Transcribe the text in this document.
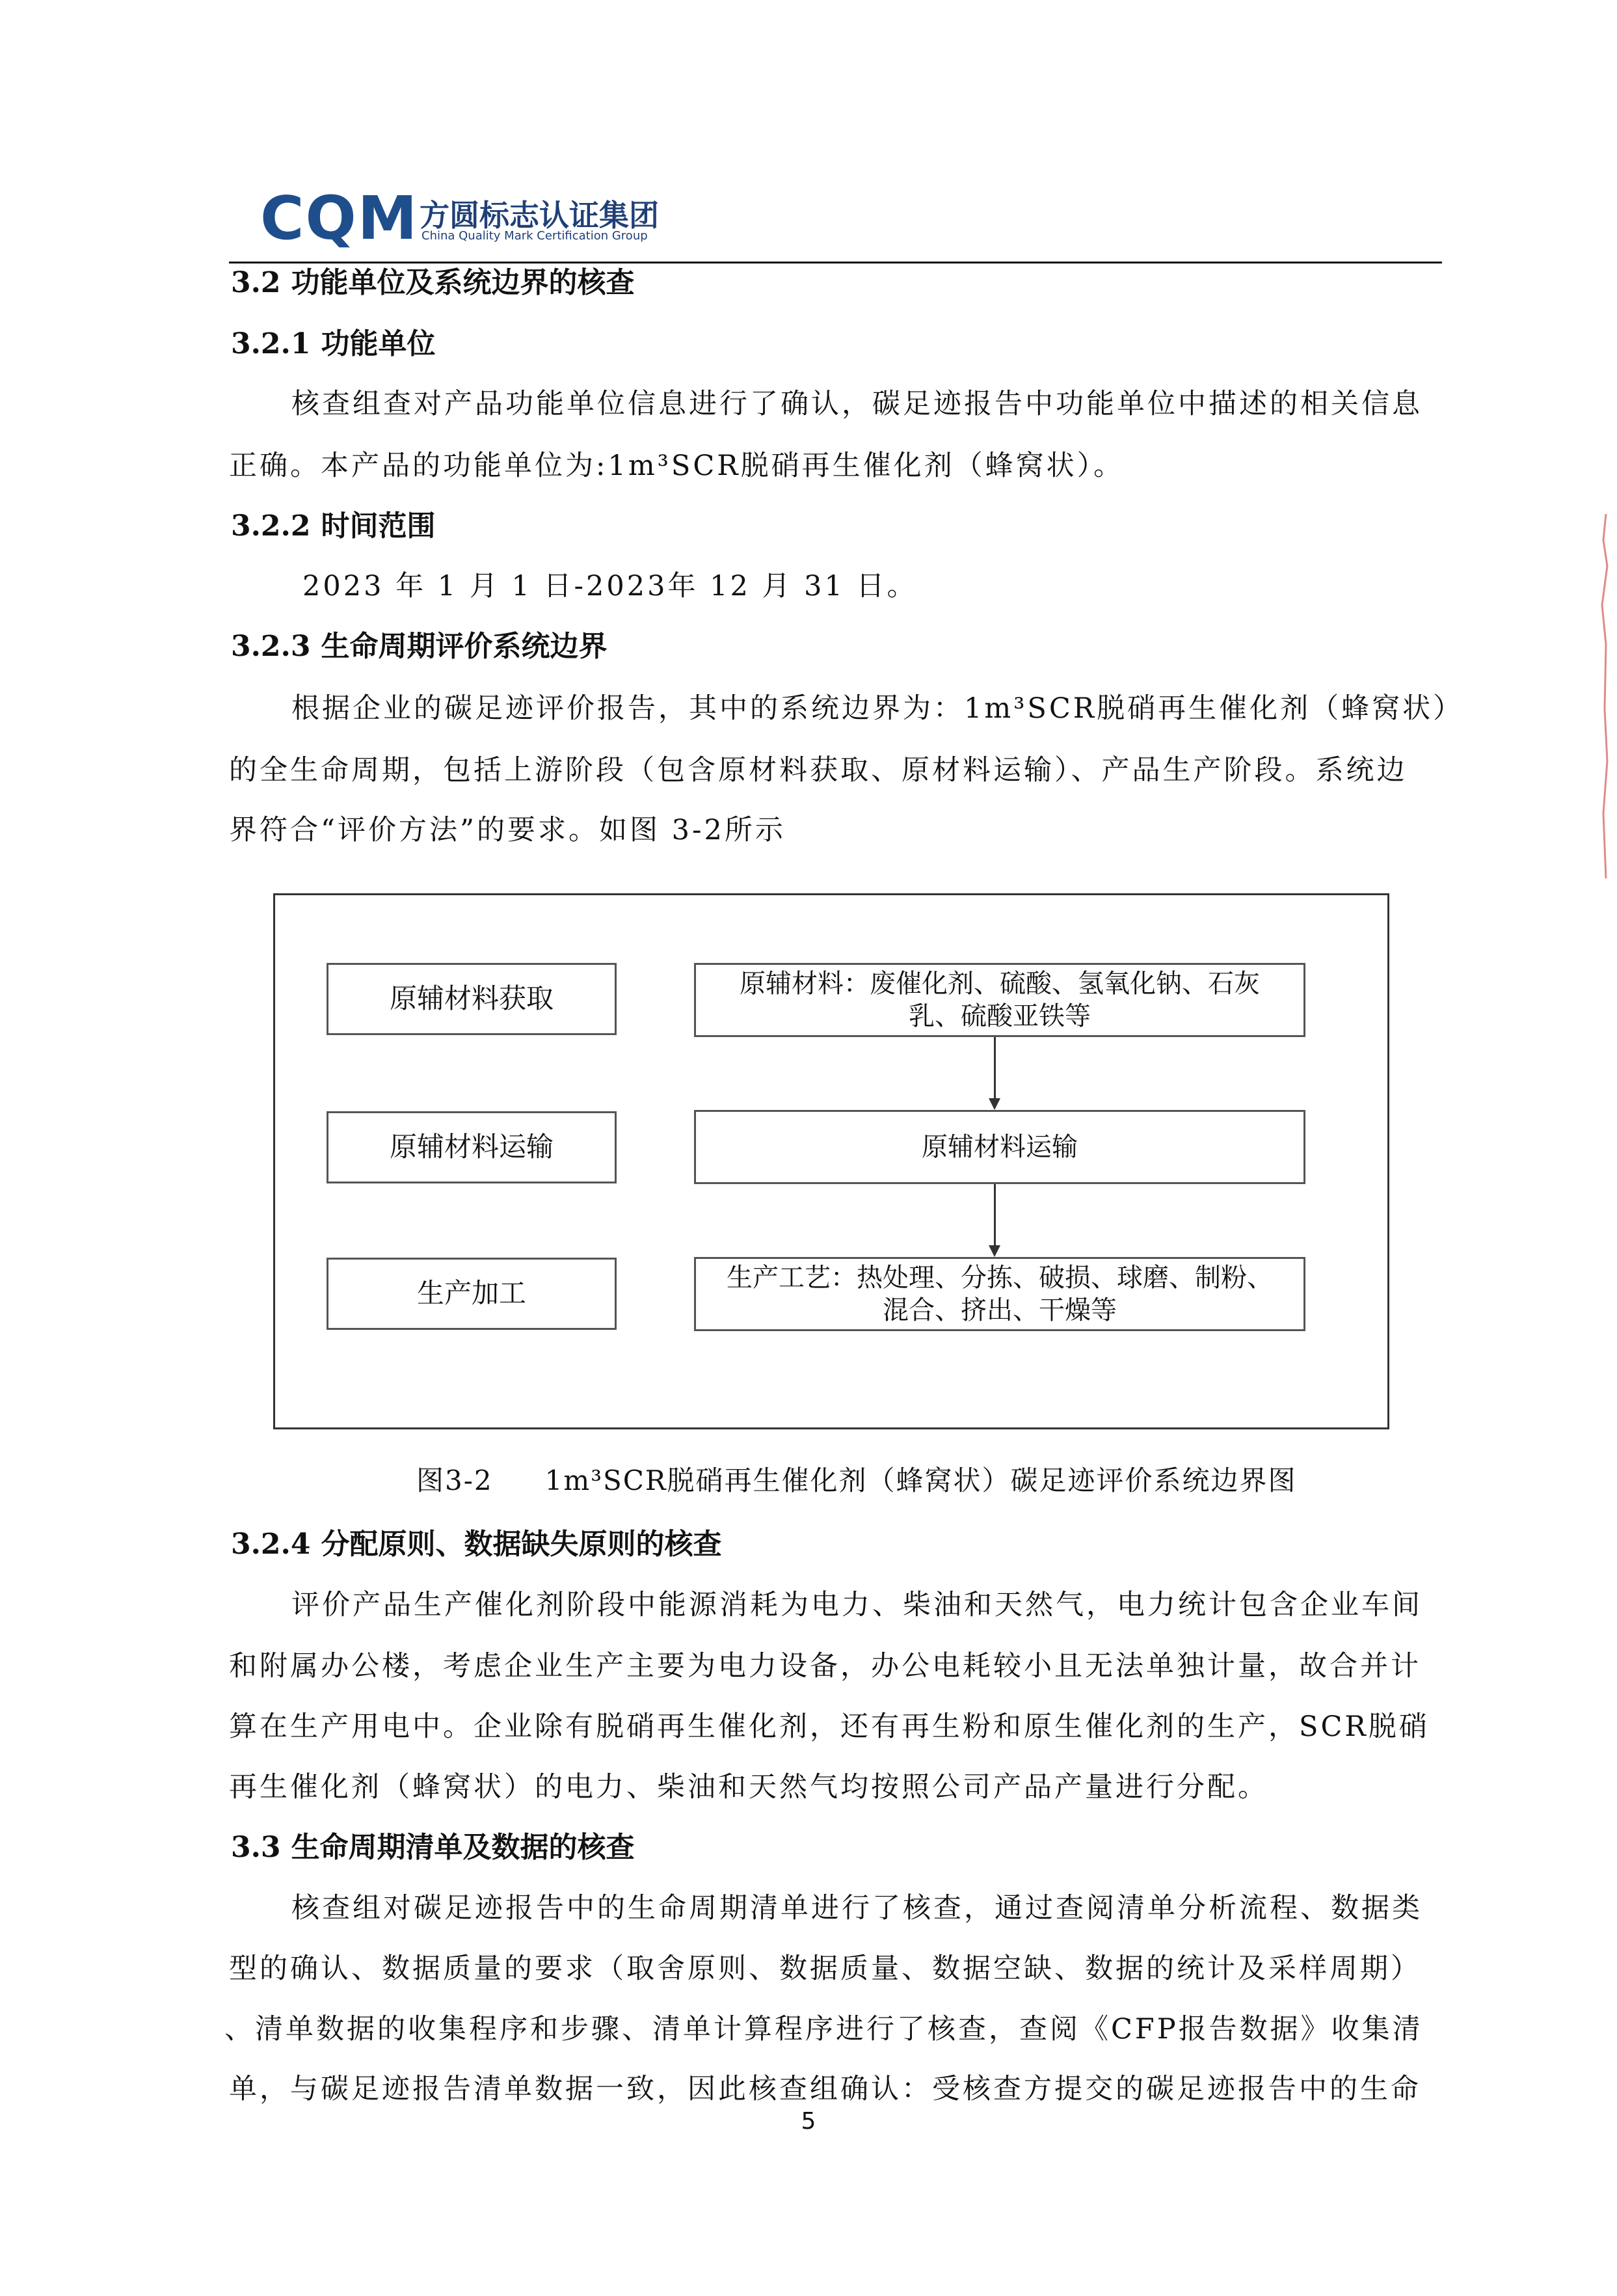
CQM 方圆标志认证集团
China Quality Mark Certification Group
3.2 功能单位及系统边界的核查
3.2.1 功能单位
核查组查对产品功能单位信息进行了确认，碳足迹报告中功能单位中描述的相关信息
正确。本产品的功能单位为:1m³SCR脱硝再生催化剂（蜂窝状）。
3.2.2 时间范围
2023 年 1 月 1 日-2023年 12 月 31 日。
3.2.3 生命周期评价系统边界
根据企业的碳足迹评价报告，其中的系统边界为：1m³SCR脱硝再生催化剂（蜂窝状）
的全生命周期，包括上游阶段（包含原材料获取、原材料运输）、产品生产阶段。系统边
界符合“评价方法”的要求。如图 3-2所示
原辅材料获取
原辅材料运输
生产加工
原辅材料：废催化剂、硫酸、氢氧化钠、石灰
乳、硫酸亚铁等
原辅材料运输
生产工艺：热处理、分拣、破损、球磨、制粉、
混合、挤出、干燥等
图3-2 1m³SCR脱硝再生催化剂（蜂窝状）碳足迹评价系统边界图
3.2.4 分配原则、数据缺失原则的核查
评价产品生产催化剂阶段中能源消耗为电力、柴油和天然气，电力统计包含企业车间
和附属办公楼，考虑企业生产主要为电力设备，办公电耗较小且无法单独计量，故合并计
算在生产用电中。企业除有脱硝再生催化剂，还有再生粉和原生催化剂的生产，SCR脱硝
再生催化剂（蜂窝状）的电力、柴油和天然气均按照公司产品产量进行分配。
3.3 生命周期清单及数据的核查
核查组对碳足迹报告中的生命周期清单进行了核查，通过查阅清单分析流程、数据类
型的确认、数据质量的要求（取舍原则、数据质量、数据空缺、数据的统计及采样周期）
、清单数据的收集程序和步骤、清单计算程序进行了核查，查阅《CFP报告数据》收集清
单，与碳足迹报告清单数据一致，因此核查组确认：受核查方提交的碳足迹报告中的生命
5
